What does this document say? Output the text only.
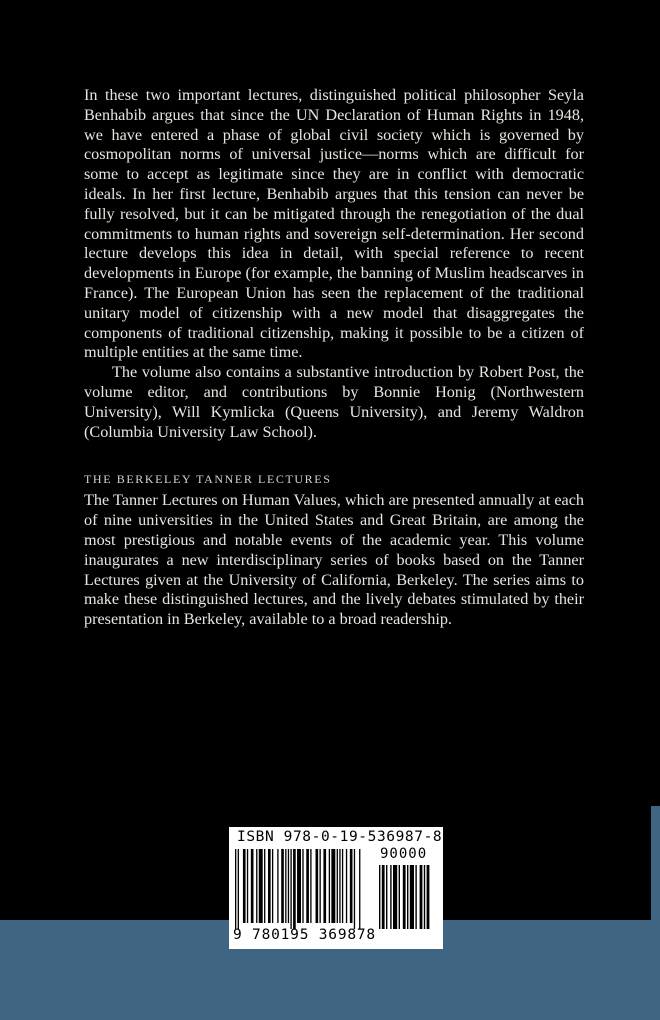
In these two important lectures, distinguished political philosopher Seyla Benhabib argues that since the UN Declaration of Human Rights in 1948, we have entered a phase of global civil society which is governed by cosmopolitan norms of universal justice—norms which are difficult for some to accept as legitimate since they are in conflict with democratic ideals. In her first lecture, Benhabib argues that this tension can never be fully resolved, but it can be mitigated through the renegotiation of the dual commitments to human rights and sovereign self-determination. Her second lecture develops this idea in detail, with special reference to recent developments in Europe (for example, the banning of Muslim headscarves in France). The European Union has seen the replacement of the traditional unitary model of citizenship with a new model that disaggregates the components of traditional citizenship, making it possible to be a citizen of multiple entities at the same time.

The volume also contains a substantive introduction by Robert Post, the volume editor, and contributions by Bonnie Honig (Northwestern University), Will Kymlicka (Queens University), and Jeremy Waldron (Columbia University Law School).

THE BERKELEY TANNER LECTURES

The Tanner Lectures on Human Values, which are presented annually at each of nine universities in the United States and Great Britain, are among the most prestigious and notable events of the academic year. This volume inaugurates a new interdisciplinary series of books based on the Tanner Lectures given at the University of California, Berkeley. The series aims to make these distinguished lectures, and the lively debates stimulated by their presentation in Berkeley, available to a broad readership.

ISBN 978-0-19-536987-8
90000
9 780195 369878
